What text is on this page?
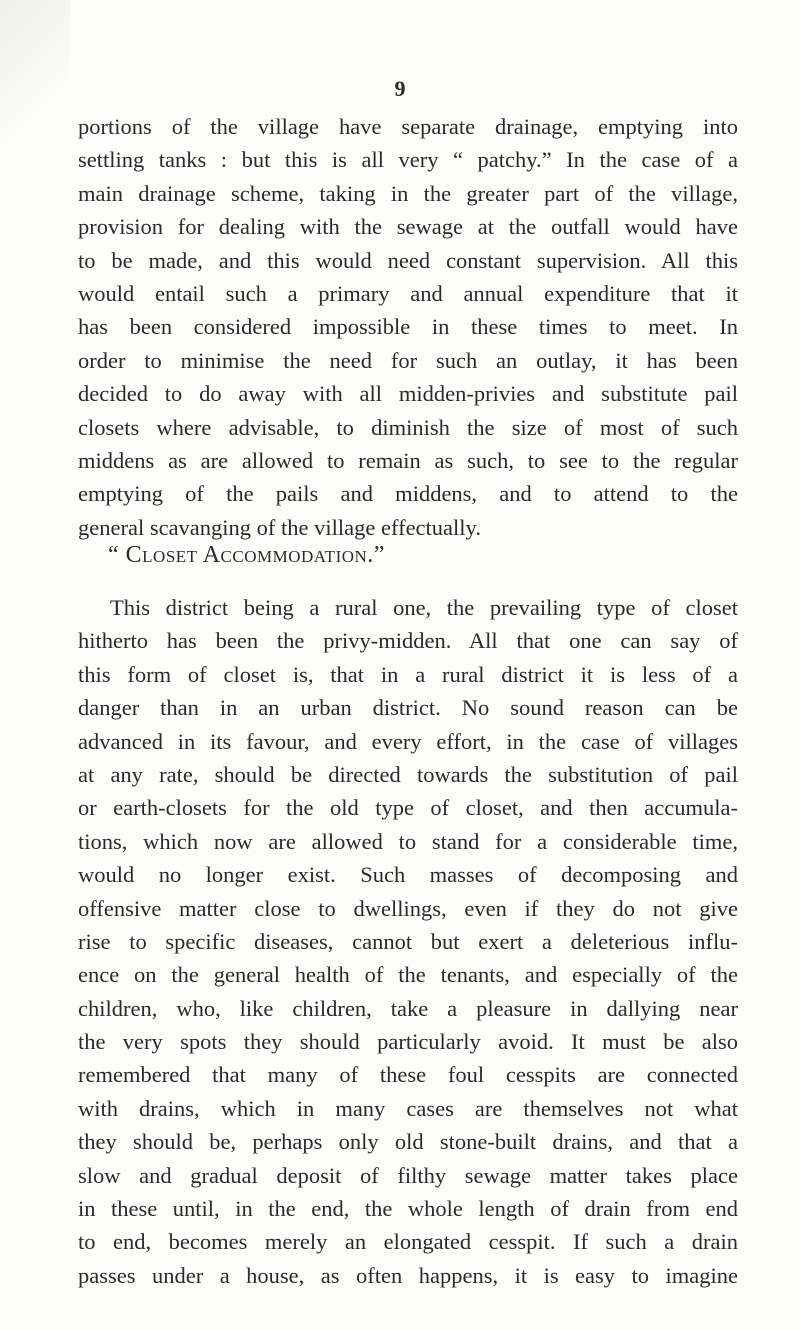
9
portions of the village have separate drainage, emptying into
settling tanks : but this is all very “ patchy.” In the case of a
main drainage scheme, taking in the greater part of the village,
provision for dealing with the sewage at the outfall would have
to be made, and this would need constant supervision. All this
would entail such a primary and annual expenditure that it
has been considered impossible in these times to meet. In
order to minimise the need for such an outlay, it has been
decided to do away with all midden-privies and substitute pail
closets where advisable, to diminish the size of most of such
middens as are allowed to remain as such, to see to the regular
emptying of the pails and middens, and to attend to the
general scavanging of the village effectually.
“ Closet Accommodation.”
This district being a rural one, the prevailing type of closet
hitherto has been the privy-midden. All that one can say of
this form of closet is, that in a rural district it is less of a
danger than in an urban district. No sound reason can be
advanced in its favour, and every effort, in the case of villages
at any rate, should be directed towards the substitution of pail
or earth-closets for the old type of closet, and then accumula-
tions, which now are allowed to stand for a considerable time,
would no longer exist. Such masses of decomposing and
offensive matter close to dwellings, even if they do not give
rise to specific diseases, cannot but exert a deleterious influ-
ence on the general health of the tenants, and especially of the
children, who, like children, take a pleasure in dallying near
the very spots they should particularly avoid. It must be also
remembered that many of these foul cesspits are connected
with drains, which in many cases are themselves not what
they should be, perhaps only old stone-built drains, and that a
slow and gradual deposit of filthy sewage matter takes place
in these until, in the end, the whole length of drain from end
to end, becomes merely an elongated cesspit. If such a drain
passes under a house, as often happens, it is easy to imagine
